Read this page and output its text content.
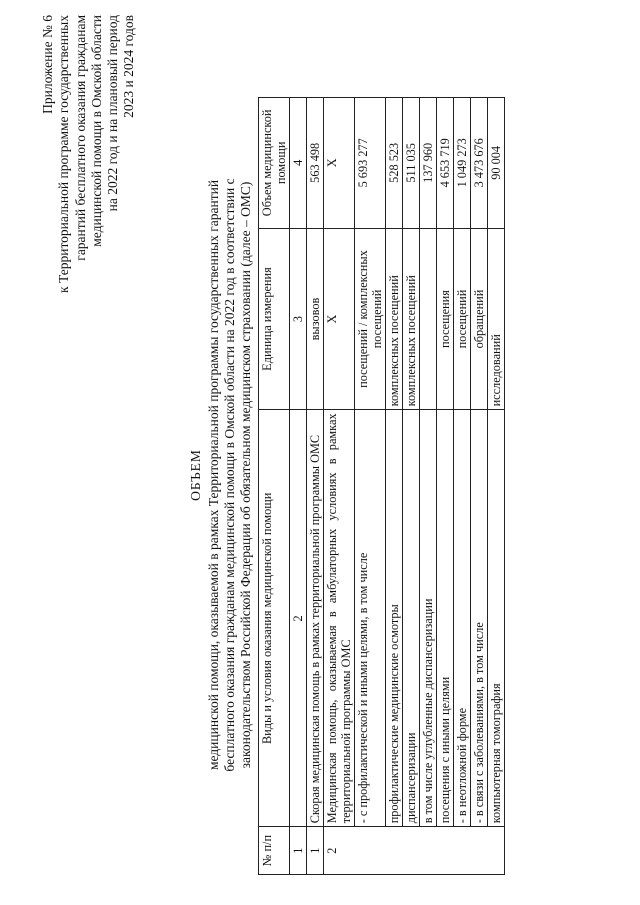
Приложение № 6 к Территориальной программе государственных гарантий бесплатного оказания гражданам медицинской помощи в Омской области на 2022 год и на плановый период 2023 и 2024 годов
ОБЪЕМ медицинской помощи, оказываемой в рамках Территориальной программы государственных гарантий бесплатного оказания гражданам медицинской помощи в Омской области на 2022 год в соответствии с законодательством Российской Федерации об обязательном медицинском страховании (далее – ОМС)
№ п/п	Виды и условия оказания медицинской помощи	Единица измерения	Объем медицинской помощи
1	2	3	4
1	Скорая медицинская помощь в рамках территориальной программы ОМС	вызовов	563 498
2	Медицинская помощь, оказываемая в амбулаторных условиях в рамках территориальной программы ОМС	Х	Х
	- с профилактической и иными целями, в том числе	посещений / комплексных посещений	5 693 277
	профилактические медицинские осмотры	комплексных посещений	528 523
	диспансеризации	комплексных посещений	511 035
	в том числе углубленные диспансеризации		137 960
	посещения с иными целями	посещения	4 653 719
	- в неотложной форме	посещений	1 049 273
	- в связи с заболеваниями, в том числе	обращений	3 473 676
	компьютерная томография	исследований	90 004
